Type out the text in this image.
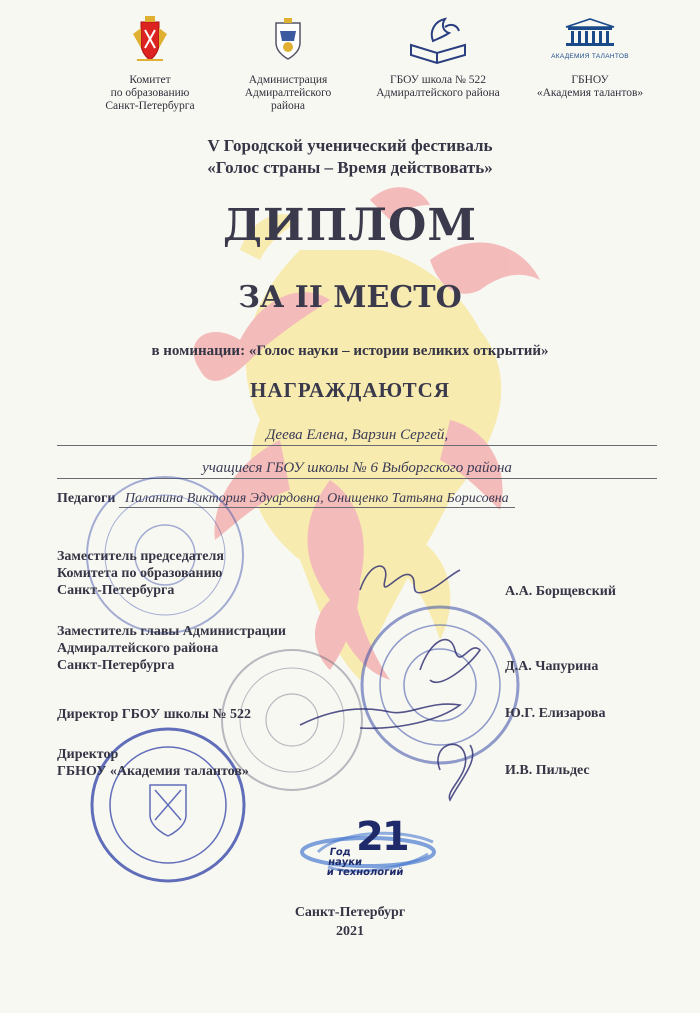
Комитет
по образованию
Санкт-Петербурга
Администрация
Адмиралтейского
района
ГБОУ школа № 522
Адмиралтейского района
АКАДЕМИЯ ТАЛАНТОВ
ГБНОУ
«Академия талантов»
V Городской ученический фестиваль
«Голос страны – Время действовать»
ДИПЛОМ
ЗА II МЕСТО
в номинации: «Голос науки – истории великих открытий»
НАГРАЖДАЮТСЯ
Деева Елена, Варзин Сергей,
учащиеся ГБОУ школы № 6 Выборгского района
Педагоги Паланина Виктория Эдуардовна, Онищенко Татьяна Борисовна
Заместитель председателя
Комитета по образованию
Санкт-Петербурга	А.А. Борщевский
Заместитель главы Администрации
Адмиралтейского района
Санкт-Петербурга	Д.А. Чапурина
Директор ГБОУ школы № 522	Ю.Г. Елизарова
Директор
ГБНОУ «Академия талантов»	И.В. Пильдес
21
Год
науки
и технологий
Санкт-Петербург
2021
